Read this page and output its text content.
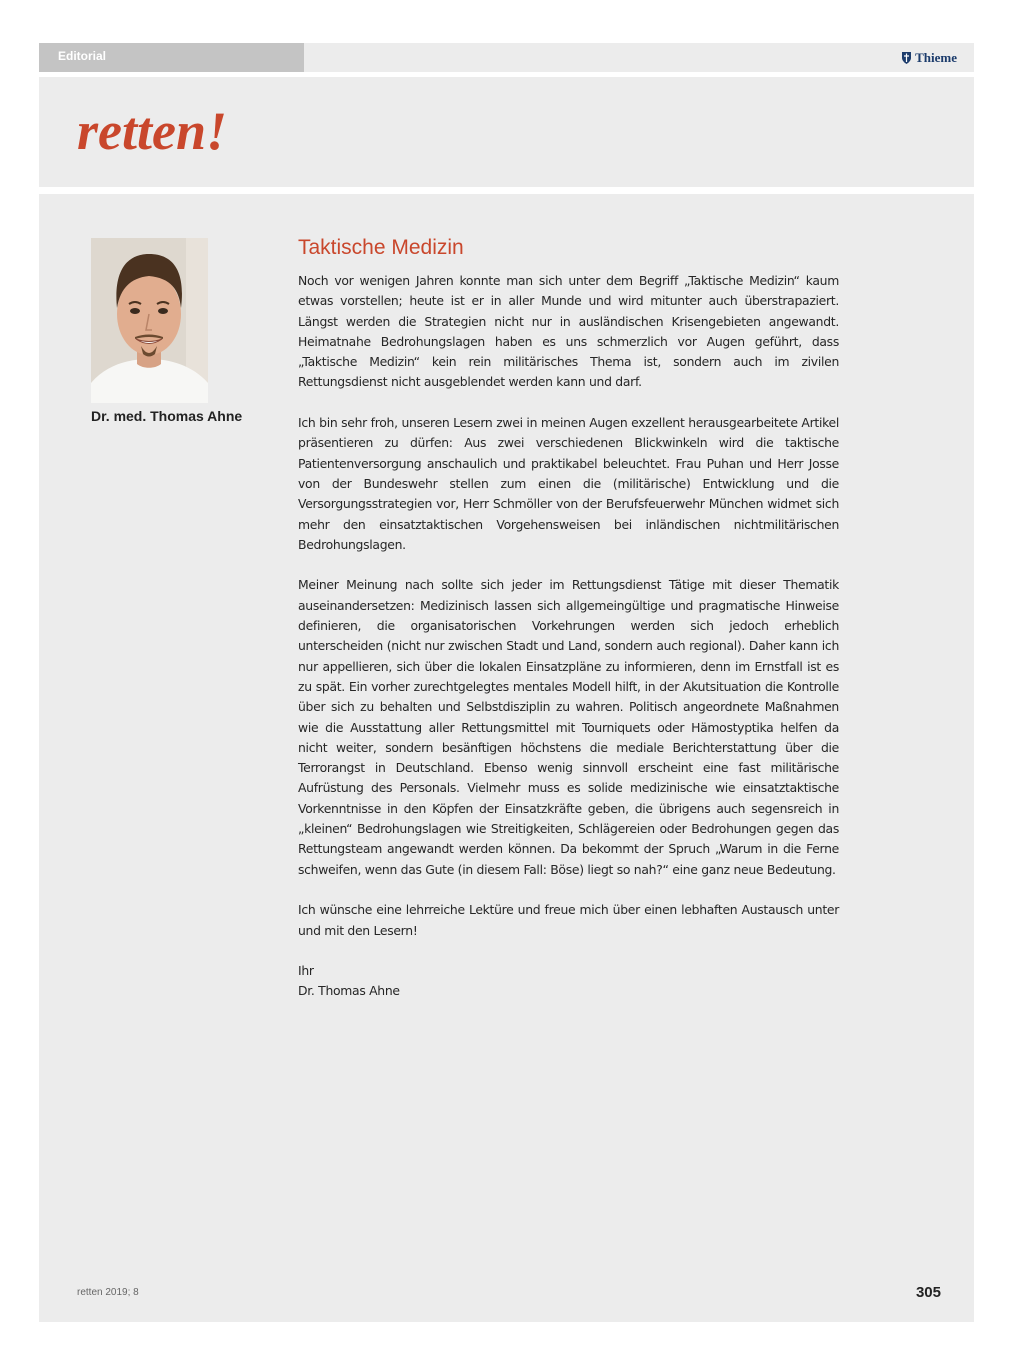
Editorial	Thieme
retten!
Dr. med. Thomas Ahne
Taktische Medizin

Noch vor wenigen Jahren konnte man sich unter dem Begriff „Taktische Medizin“ kaum etwas vorstellen; heute ist er in aller Munde und wird mitunter auch überstrapaziert. Längst werden die Strategien nicht nur in ausländischen Krisengebieten angewandt. Heimatnahe Bedrohungslagen haben es uns schmerzlich vor Augen geführt, dass „Taktische Medizin“ kein rein militärisches Thema ist, sondern auch im zivilen Rettungsdienst nicht ausgeblendet werden kann und darf.

Ich bin sehr froh, unseren Lesern zwei in meinen Augen exzellent herausgearbeitete Artikel präsentieren zu dürfen: Aus zwei verschiedenen Blickwinkeln wird die taktische Patientenversorgung anschaulich und praktikabel beleuchtet. Frau Puhan und Herr Josse von der Bundeswehr stellen zum einen die (militärische) Entwicklung und die Versorgungsstrategien vor, Herr Schmöller von der Berufsfeuerwehr München widmet sich mehr den einsatztaktischen Vorgehensweisen bei inländischen nichtmilitärischen Bedrohungslagen.

Meiner Meinung nach sollte sich jeder im Rettungsdienst Tätige mit dieser Thematik auseinandersetzen: Medizinisch lassen sich allgemeingültige und pragmatische Hinweise definieren, die organisatorischen Vorkehrungen werden sich jedoch erheblich unterscheiden (nicht nur zwischen Stadt und Land, sondern auch regional). Daher kann ich nur appellieren, sich über die lokalen Einsatzpläne zu informieren, denn im Ernstfall ist es zu spät. Ein vorher zurechtgelegtes mentales Modell hilft, in der Akutsituation die Kontrolle über sich zu behalten und Selbstdisziplin zu wahren. Politisch angeordnete Maßnahmen wie die Ausstattung aller Rettungsmittel mit Tourniquets oder Hämostyptika helfen da nicht weiter, sondern besänftigen höchstens die mediale Berichterstattung über die Terrorangst in Deutschland. Ebenso wenig sinnvoll erscheint eine fast militärische Aufrüstung des Personals. Vielmehr muss es solide medizinische wie einsatztaktische Vorkenntnisse in den Köpfen der Einsatzkräfte geben, die übrigens auch segensreich in „kleinen“ Bedrohungslagen wie Streitigkeiten, Schlägereien oder Bedrohungen gegen das Rettungsteam angewandt werden können. Da bekommt der Spruch „Warum in die Ferne schweifen, wenn das Gute (in diesem Fall: Böse) liegt so nah?“ eine ganz neue Bedeutung.

Ich wünsche eine lehrreiche Lektüre und freue mich über einen lebhaften Austausch unter und mit den Lesern!

Ihr
Dr. Thomas Ahne

retten 2019; 8	305
